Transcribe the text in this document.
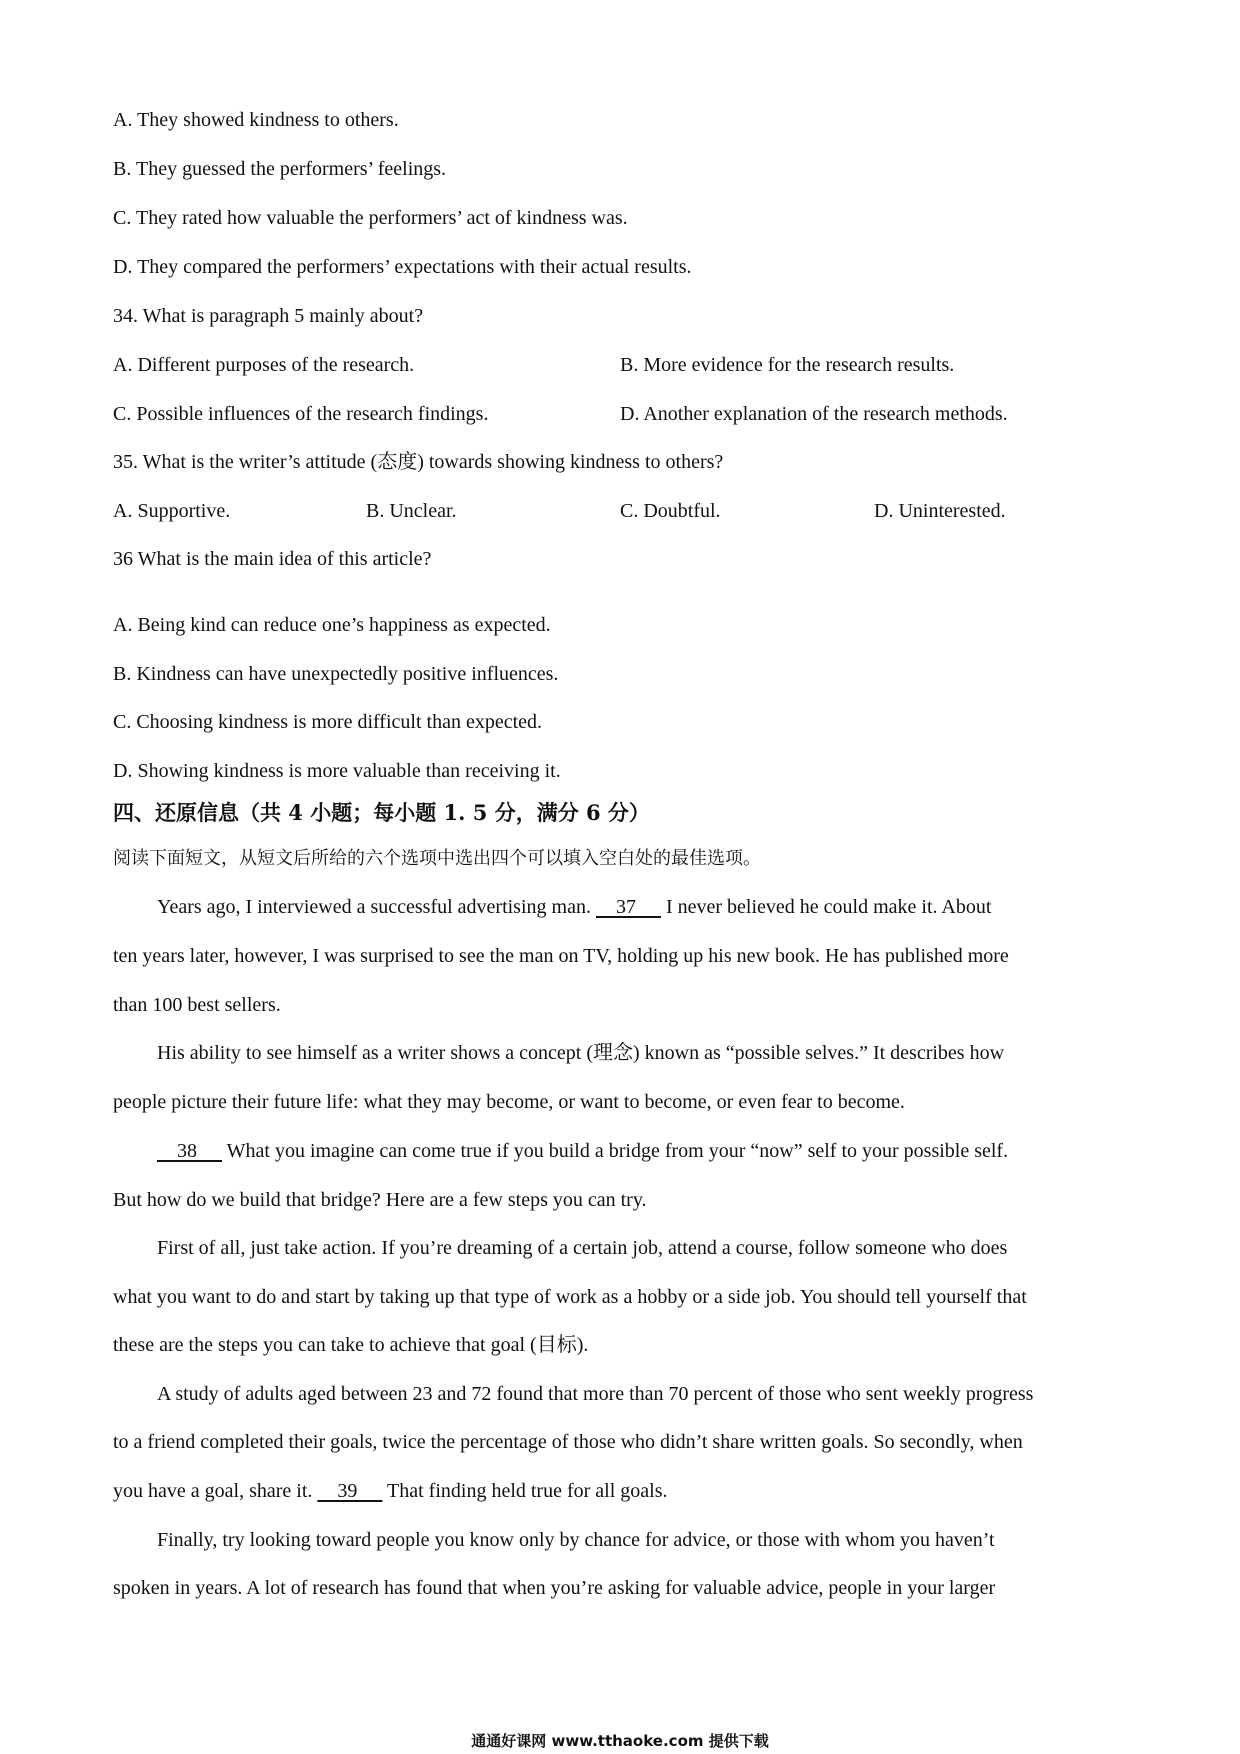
A. They showed kindness to others.
B. They guessed the performers’ feelings.
C. They rated how valuable the performers’ act of kindness was.
D. They compared the performers’ expectations with their actual results.
34. What is paragraph 5 mainly about?
A. Different purposes of the research.	B. More evidence for the research results.
C. Possible influences of the research findings.	D. Another explanation of the research methods.
35. What is the writer’s attitude (态度) towards showing kindness to others?
A. Supportive.	B. Unclear.	C. Doubtful.	D. Uninterested.
36 What is the main idea of this article?
A. Being kind can reduce one’s happiness as expected.
B. Kindness can have unexpectedly positive influences.
C. Choosing kindness is more difficult than expected.
D. Showing kindness is more valuable than receiving it.
四、还原信息（共 4 小题；每小题 1. 5 分，满分 6 分）
阅读下面短文，从短文后所给的六个选项中选出四个可以填入空白处的最佳选项。
Years ago, I interviewed a successful advertising man.     37      I never believed he could make it. About
ten years later, however, I was surprised to see the man on TV, holding up his new book. He has published more
than 100 best sellers.
His ability to see himself as a writer shows a concept (理念) known as “possible selves.” It describes how
people picture their future life: what they may become, or want to become, or even fear to become.
38      What you imagine can come true if you build a bridge from your “now” self to your possible self.
But how do we build that bridge? Here are a few steps you can try.
First of all, just take action. If you’re dreaming of a certain job, attend a course, follow someone who does
what you want to do and start by taking up that type of work as a hobby or a side job. You should tell yourself that
these are the steps you can take to achieve that goal (目标).
A study of adults aged between 23 and 72 found that more than 70 percent of those who sent weekly progress
to a friend completed their goals, twice the percentage of those who didn’t share written goals. So secondly, when
you have a goal, share it.     39      That finding held true for all goals.
Finally, try looking toward people you know only by chance for advice, or those with whom you haven’t
spoken in years. A lot of research has found that when you’re asking for valuable advice, people in your larger
通通好课网 www.tthaoke.com 提供下载
